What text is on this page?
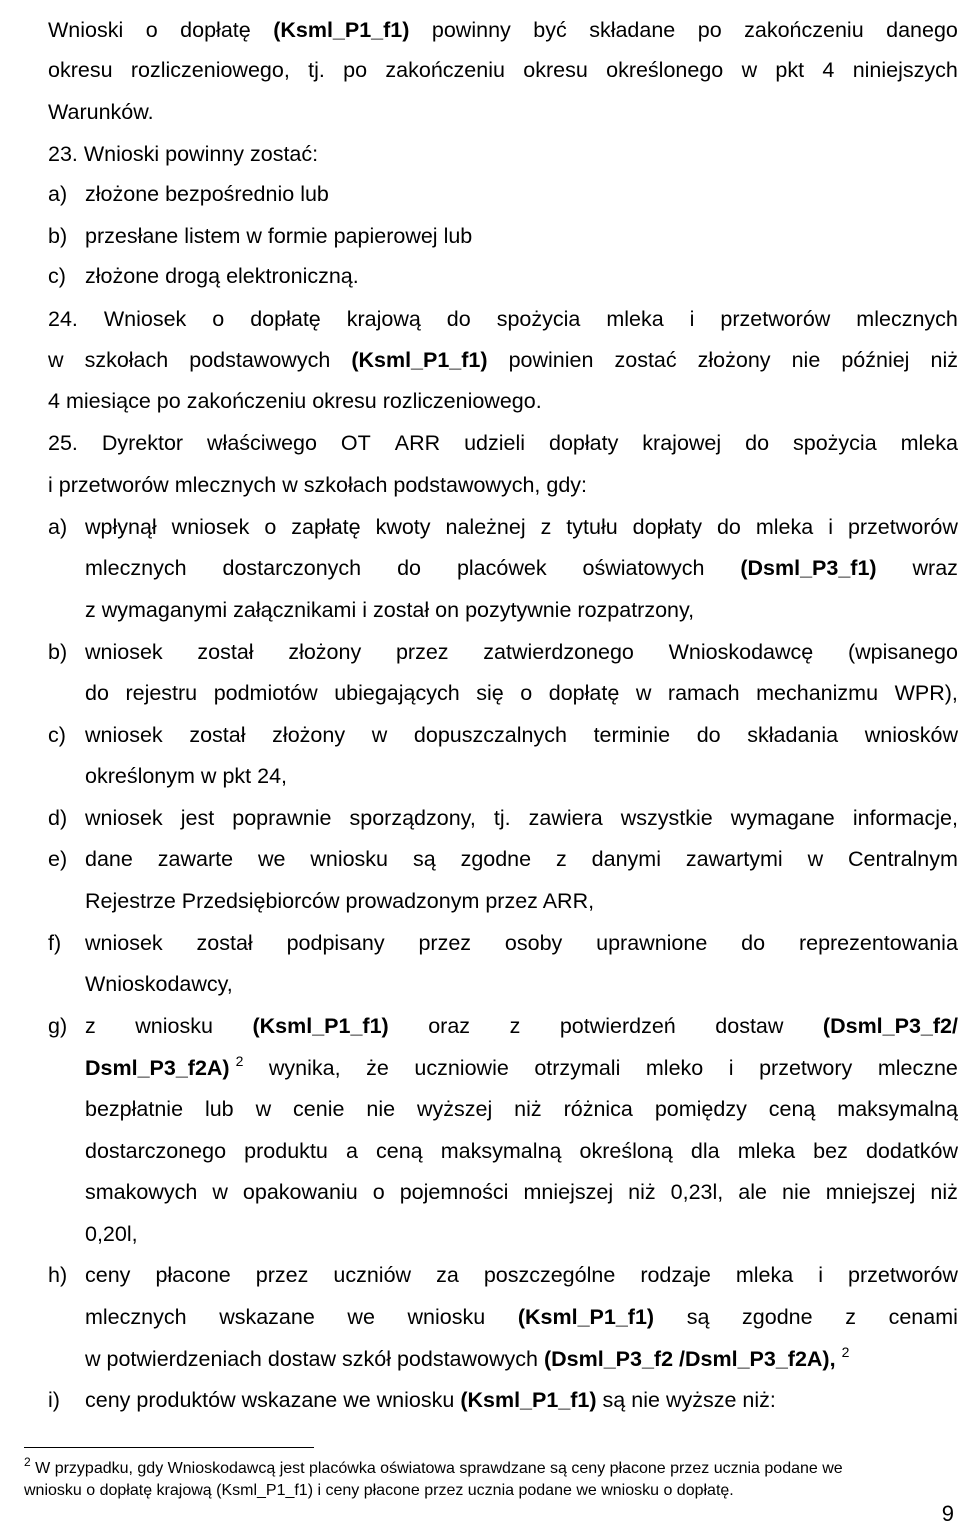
Wnioski o dopłatę (Ksml_P1_f1) powinny być składane po zakończeniu danego
okresu rozliczeniowego, tj. po zakończeniu okresu określonego w pkt 4 niniejszych
Warunków.
23. Wnioski powinny zostać:
a) złożone bezpośrednio lub
b) przesłane listem w formie papierowej lub
c) złożone drogą elektroniczną.
24. Wniosek o dopłatę krajową do spożycia mleka i przetworów mlecznych
w szkołach podstawowych (Ksml_P1_f1) powinien zostać złożony nie później niż
4 miesiące po zakończeniu okresu rozliczeniowego.
25. Dyrektor właściwego OT ARR udzieli dopłaty krajowej do spożycia mleka
i przetworów mlecznych w szkołach podstawowych, gdy:
a) wpłynął wniosek o zapłatę kwoty należnej z tytułu dopłaty do mleka i przetworów
mlecznych dostarczonych do placówek oświatowych (Dsml_P3_f1) wraz
z wymaganymi załącznikami i został on pozytywnie rozpatrzony,
b) wniosek został złożony przez zatwierdzonego Wnioskodawcę (wpisanego
do rejestru podmiotów ubiegających się o dopłatę w ramach mechanizmu WPR),
c) wniosek został złożony w dopuszczalnych terminie do składania wniosków
określonym w pkt 24,
d) wniosek jest poprawnie sporządzony, tj. zawiera wszystkie wymagane informacje,
e) dane zawarte we wniosku są zgodne z danymi zawartymi w Centralnym
Rejestrze Przedsiębiorców prowadzonym przez ARR,
f) wniosek został podpisany przez osoby uprawnione do reprezentowania
Wnioskodawcy,
g) z wniosku (Ksml_P1_f1) oraz z potwierdzeń dostaw (Dsml_P3_f2/
Dsml_P3_f2A) $^2$ wynika, że uczniowie otrzymali mleko i przetwory mleczne
bezpłatnie lub w cenie nie wyższej niż różnica pomiędzy ceną maksymalną
dostarczonego produktu a ceną maksymalną określoną dla mleka bez dodatków
smakowych w opakowaniu o pojemności mniejszej niż 0,23l, ale nie mniejszej niż
0,20l,
h) ceny płacone przez uczniów za poszczególne rodzaje mleka i przetworów
mlecznych wskazane we wniosku (Ksml_P1_f1) są zgodne z cenami
w potwierdzeniach dostaw szkół podstawowych (Dsml_P3_f2 /Dsml_P3_f2A), $^2$
i) ceny produktów wskazane we wniosku (Ksml_P1_f1) są nie wyższe niż:
$^2$ W przypadku, gdy Wnioskodawcą jest placówka oświatowa sprawdzane są ceny płacone przez ucznia podane we
wniosku o dopłatę krajową (Ksml_P1_f1) i ceny płacone przez ucznia podane we wniosku o dopłatę.
9
